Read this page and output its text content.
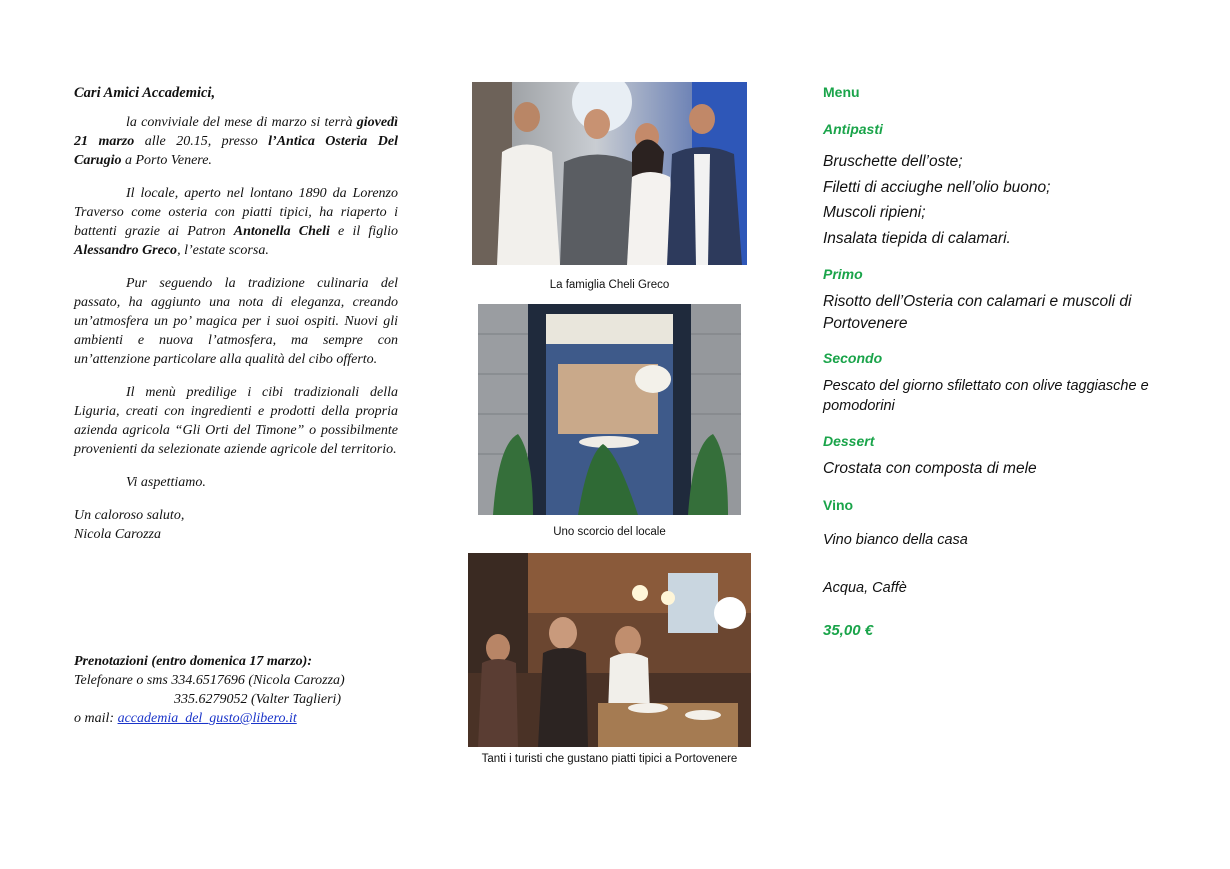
Cari Amici Accademici,

la conviviale del mese di marzo si terrà giovedì 21 marzo alle 20.15, presso l’Antica Osteria Del Carugio a Porto Venere.

Il locale, aperto nel lontano 1890 da Lorenzo Traverso come osteria con piatti tipici, ha riaperto i battenti grazie ai Patron Antonella Cheli e il figlio Alessandro Greco, l’estate scorsa.

Pur seguendo la tradizione culinaria del passato, ha aggiunto una nota di eleganza, creando un’atmosfera un po’ magica per i suoi ospiti. Nuovi gli ambienti e nuova l’atmosfera, ma sempre con un’attenzione particolare alla qualità del cibo offerto.

Il menù predilige i cibi tradizionali della Liguria, creati con ingredienti e prodotti della propria azienda agricola “Gli Orti del Timone” o possibilmente provenienti da selezionate aziende agricole del territorio.

Vi aspettiamo.

Un caloroso saluto,

Nicola Carozza

Prenotazioni (entro domenica 17 marzo):

Telefonare o sms 334.6517696 (Nicola Carozza)

335.6279052 (Valter Taglieri)

o mail: accademia_del_gusto@libero.it

La famiglia Cheli Greco
Uno scorcio del locale
Tanti i turisti che gustano piatti tipici a Portovenere

Menu

Antipasti

Bruschette dell’oste;

Filetti di acciughe nell’olio buono;

Muscoli ripieni;

Insalata tiepida di calamari.

Primo

Risotto dell’Osteria con calamari e muscoli di Portovenere

Secondo

Pescato del giorno sfilettato con olive taggiasche e pomodorini

Dessert

Crostata con composta di mele

Vino

Vino bianco della casa

Acqua, Caffè

35,00 €
